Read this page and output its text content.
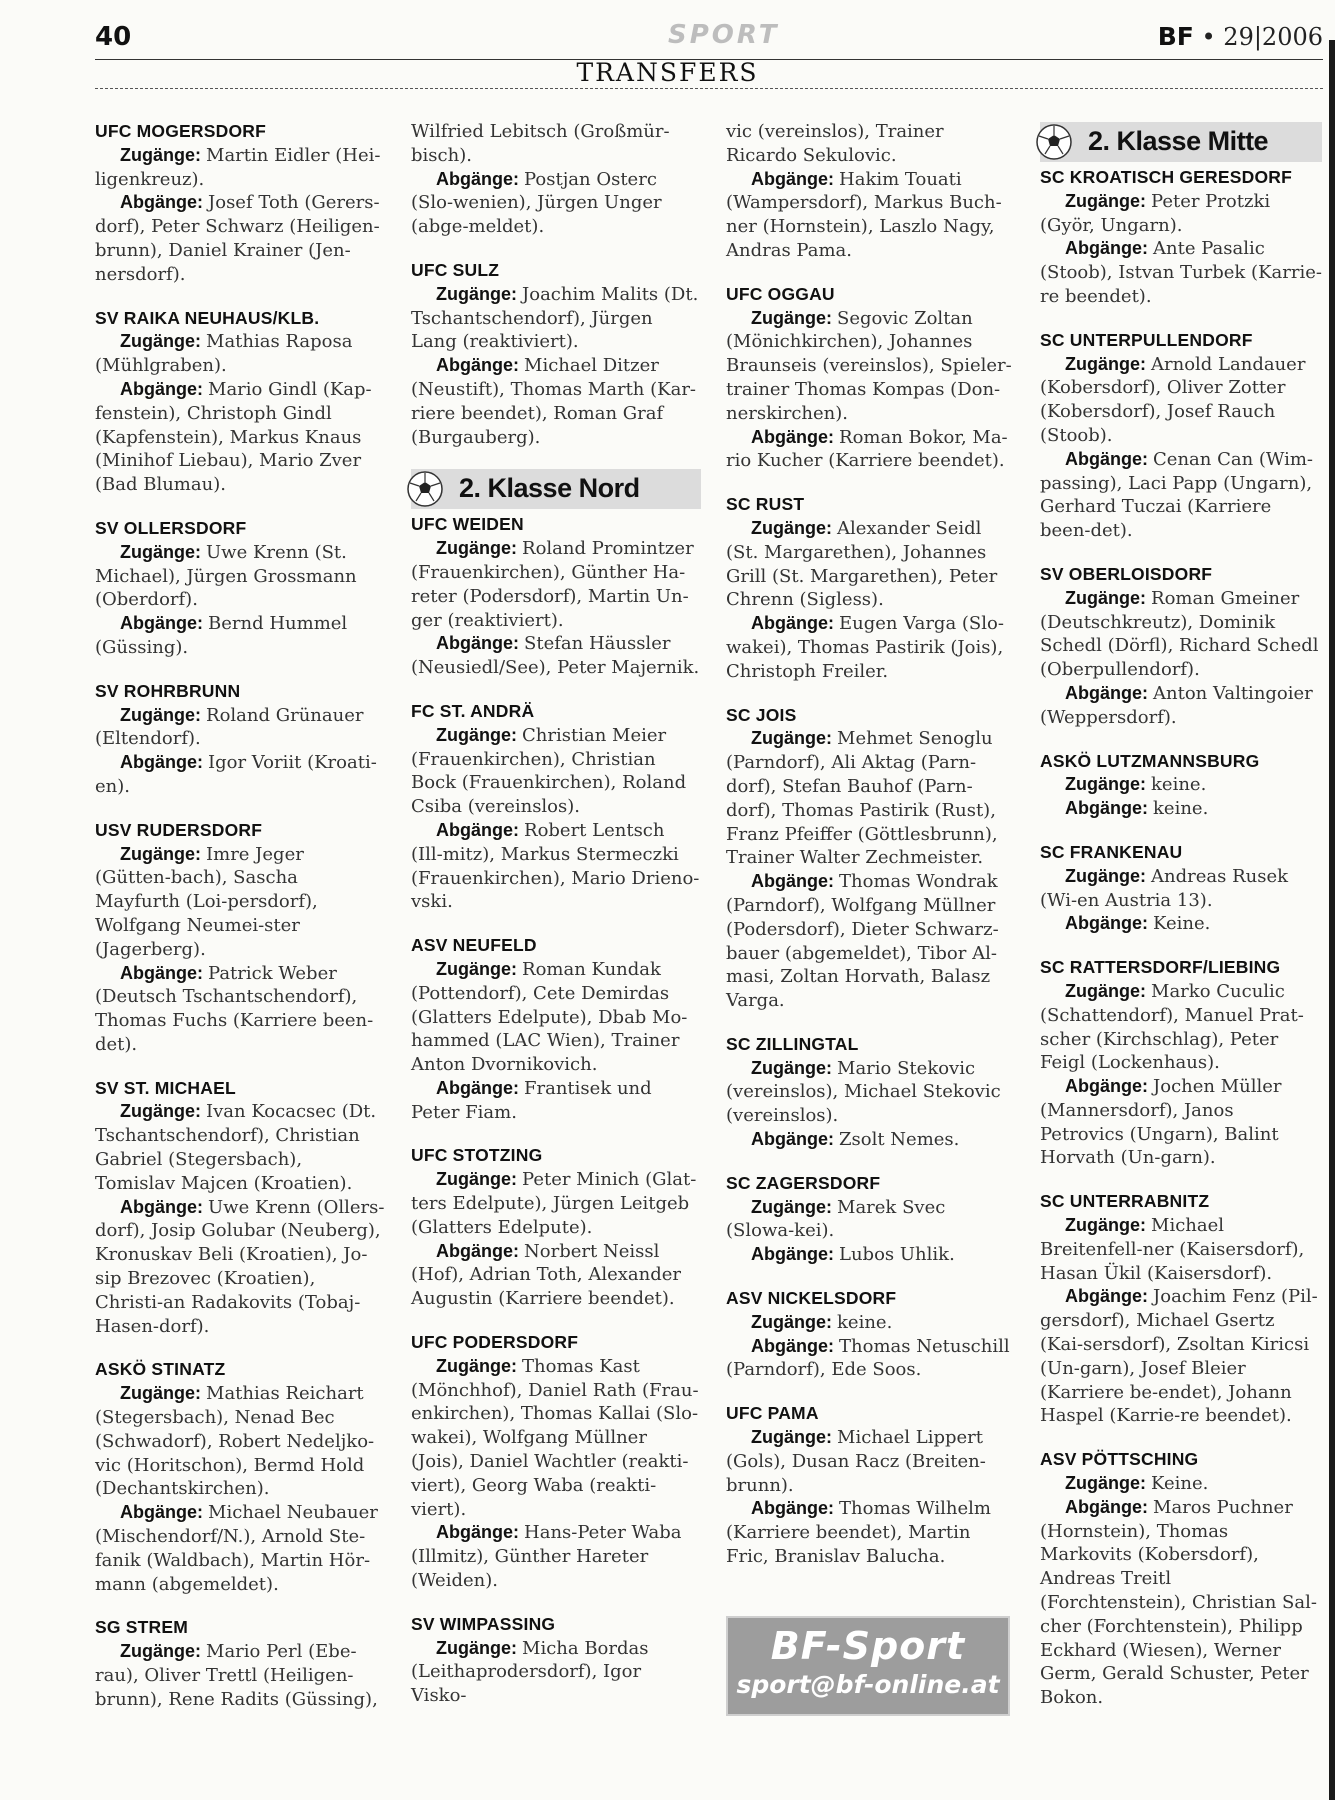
40	SPORT	BF • 29|2006
TRANSFERS
UFC MOGERSDORF
Zugänge: Martin Eidler (Hei-ligenkreuz).
Abgänge: Josef Toth (Gerers-dorf), Peter Schwarz (Heiligen-brunn), Daniel Krainer (Jen-nersdorf).
SV RAIKA NEUHAUS/KLB.
Zugänge: Mathias Raposa (Mühlgraben).
Abgänge: Mario Gindl (Kap-fenstein), Christoph Gindl (Kapfenstein), Markus Knaus (Minihof Liebau), Mario Zver (Bad Blumau).
SV OLLERSDORF
Zugänge: Uwe Krenn (St. Michael), Jürgen Grossmann (Oberdorf).
Abgänge: Bernd Hummel (Güssing).
SV ROHRBRUNN
Zugänge: Roland Grünauer (Eltendorf).
Abgänge: Igor Voriit (Kroati-en).
USV RUDERSDORF
Zugänge: Imre Jeger (Gütten-bach), Sascha Mayfurth (Loi-persdorf), Wolfgang Neumei-ster (Jagerberg).
Abgänge: Patrick Weber (Deutsch Tschantschendorf), Thomas Fuchs (Karriere been-det).
SV ST. MICHAEL
Zugänge: Ivan Kocacsec (Dt. Tschantschendorf), Christian Gabriel (Stegersbach), Tomislav Majcen (Kroatien).
Abgänge: Uwe Krenn (Ollers-dorf), Josip Golubar (Neuberg), Kronuskav Beli (Kroatien), Jo-sip Brezovec (Kroatien), Christi-an Radakovits (Tobaj-Hasen-dorf).
ASKÖ STINATZ
Zugänge: Mathias Reichart (Stegersbach), Nenad Bec (Schwadorf), Robert Nedeljko-vic (Horitschon), Bermd Hold (Dechantskirchen).
Abgänge: Michael Neubauer (Mischendorf/N.), Arnold Ste-fanik (Waldbach), Martin Hör-mann (abgemeldet).
SG STREM
Zugänge: Mario Perl (Ebe-rau), Oliver Trettl (Heiligen-brunn), Rene Radits (Güssing),
Wilfried Lebitsch (Großmür-bisch).
Abgänge: Postjan Osterc (Slo-wenien), Jürgen Unger (abge-meldet).
UFC SULZ
Zugänge: Joachim Malits (Dt. Tschantschendorf), Jürgen Lang (reaktiviert).
Abgänge: Michael Ditzer (Neustift), Thomas Marth (Kar-riere beendet), Roman Graf (Burgauberg).
2. Klasse Nord
UFC WEIDEN
Zugänge: Roland Promintzer (Frauenkirchen), Günther Ha-reter (Podersdorf), Martin Un-ger (reaktiviert).
Abgänge: Stefan Häussler (Neusiedl/See), Peter Majernik.
FC ST. ANDRÄ
Zugänge: Christian Meier (Frauenkirchen), Christian Bock (Frauenkirchen), Roland Csiba (vereinslos).
Abgänge: Robert Lentsch (Ill-mitz), Markus Stermeczki (Frauenkirchen), Mario Drieno-vski.
ASV NEUFELD
Zugänge: Roman Kundak (Pottendorf), Cete Demirdas (Glatters Edelpute), Dbab Mo-hammed (LAC Wien), Trainer Anton Dvornikovich.
Abgänge: Frantisek und Peter Fiam.
UFC STOTZING
Zugänge: Peter Minich (Glat-ters Edelpute), Jürgen Leitgeb (Glatters Edelpute).
Abgänge: Norbert Neissl (Hof), Adrian Toth, Alexander Augustin (Karriere beendet).
UFC PODERSDORF
Zugänge: Thomas Kast (Mönchhof), Daniel Rath (Frau-enkirchen), Thomas Kallai (Slo-wakei), Wolfgang Müllner (Jois), Daniel Wachtler (reakti-viert), Georg Waba (reakti-viert).
Abgänge: Hans-Peter Waba (Illmitz), Günther Hareter (Weiden).
SV WIMPASSING
Zugänge: Micha Bordas (Leithaprodersdorf), Igor Visko-
vic (vereinslos), Trainer Ricardo Sekulovic.
Abgänge: Hakim Touati (Wampersdorf), Markus Buch-ner (Hornstein), Laszlo Nagy, Andras Pama.
UFC OGGAU
Zugänge: Segovic Zoltan (Mönichkirchen), Johannes Braunseis (vereinslos), Spieler-trainer Thomas Kompas (Don-nerskirchen).
Abgänge: Roman Bokor, Ma-rio Kucher (Karriere beendet).
SC RUST
Zugänge: Alexander Seidl (St. Margarethen), Johannes Grill (St. Margarethen), Peter Chrenn (Sigless).
Abgänge: Eugen Varga (Slo-wakei), Thomas Pastirik (Jois), Christoph Freiler.
SC JOIS
Zugänge: Mehmet Senoglu (Parndorf), Ali Aktag (Parn-dorf), Stefan Bauhof (Parn-dorf), Thomas Pastirik (Rust), Franz Pfeiffer (Göttlesbrunn), Trainer Walter Zechmeister.
Abgänge: Thomas Wondrak (Parndorf), Wolfgang Müllner (Podersdorf), Dieter Schwarz-bauer (abgemeldet), Tibor Al-masi, Zoltan Horvath, Balasz Varga.
SC ZILLINGTAL
Zugänge: Mario Stekovic (vereinslos), Michael Stekovic (vereinslos).
Abgänge: Zsolt Nemes.
SC ZAGERSDORF
Zugänge: Marek Svec (Slowa-kei).
Abgänge: Lubos Uhlik.
ASV NICKELSDORF
Zugänge: keine.
Abgänge: Thomas Netuschill (Parndorf), Ede Soos.
UFC PAMA
Zugänge: Michael Lippert (Gols), Dusan Racz (Breiten-brunn).
Abgänge: Thomas Wilhelm (Karriere beendet), Martin Fric, Branislav Balucha.
2. Klasse Mitte
SC KROATISCH GERESDORF
Zugänge: Peter Protzki (Györ, Ungarn).
Abgänge: Ante Pasalic (Stoob), Istvan Turbek (Karrie-re beendet).
SC UNTERPULLENDORF
Zugänge: Arnold Landauer (Kobersdorf), Oliver Zotter (Kobersdorf), Josef Rauch (Stoob).
Abgänge: Cenan Can (Wim-passing), Laci Papp (Ungarn), Gerhard Tuczai (Karriere been-det).
SV OBERLOISDORF
Zugänge: Roman Gmeiner (Deutschkreutz), Dominik Schedl (Dörfl), Richard Schedl (Oberpullendorf).
Abgänge: Anton Valtingoier (Weppersdorf).
ASKÖ LUTZMANNSBURG
Zugänge: keine.
Abgänge: keine.
SC FRANKENAU
Zugänge: Andreas Rusek (Wi-en Austria 13).
Abgänge: Keine.
SC RATTERSDORF/LIEBING
Zugänge: Marko Cuculic (Schattendorf), Manuel Prat-scher (Kirchschlag), Peter Feigl (Lockenhaus).
Abgänge: Jochen Müller (Mannersdorf), Janos Petrovics (Ungarn), Balint Horvath (Un-garn).
SC UNTERRABNITZ
Zugänge: Michael Breitenfell-ner (Kaisersdorf), Hasan Ükil (Kaisersdorf).
Abgänge: Joachim Fenz (Pil-gersdorf), Michael Gsertz (Kai-sersdorf), Zsoltan Kiricsi (Un-garn), Josef Bleier (Karriere be-endet), Johann Haspel (Karrie-re beendet).
ASV PÖTTSCHING
Zugänge: Keine.
Abgänge: Maros Puchner (Hornstein), Thomas Markovits (Kobersdorf), Andreas Treitl (Forchtenstein), Christian Sal-cher (Forchtenstein), Philipp Eckhard (Wiesen), Werner Germ, Gerald Schuster, Peter Bokon.
BF-Sport
sport@bf-online.at
